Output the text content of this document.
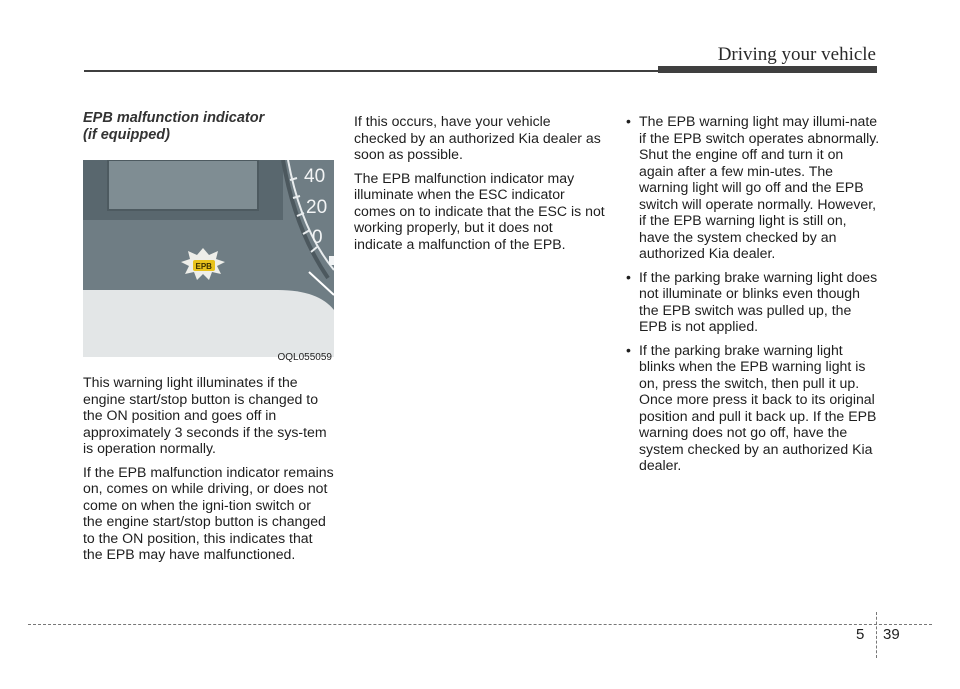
Driving your vehicle
EPB malfunction indicator
(if equipped)
40
20
0
EPB
OQL055059

This warning light illuminates if the engine start/stop button is changed to the ON position and goes off in approximately 3 seconds if the sys-tem is operation normally.

If the EPB malfunction indicator remains on, comes on while driving, or does not come on when the igni-tion switch or the engine start/stop button is changed to the ON position, this indicates that the EPB may have malfunctioned.

If this occurs, have your vehicle checked by an authorized Kia dealer as soon as possible.

The EPB malfunction indicator may illuminate when the ESC indicator comes on to indicate that the ESC is not working properly, but it does not indicate a malfunction of the EPB.

• The EPB warning light may illumi-nate if the EPB switch operates abnormally. Shut the engine off and turn it on again after a few min-utes. The warning light will go off and the EPB switch will operate normally. However, if the EPB warning light is still on, have the system checked by an authorized Kia dealer.
• If the parking brake warning light does not illuminate or blinks even though the EPB switch was pulled up, the EPB is not applied.
• If the parking brake warning light blinks when the EPB warning light is on, press the switch, then pull it up. Once more press it back to its original position and pull it back up. If the EPB warning does not go off, have the system checked by an authorized Kia dealer.
5 39
